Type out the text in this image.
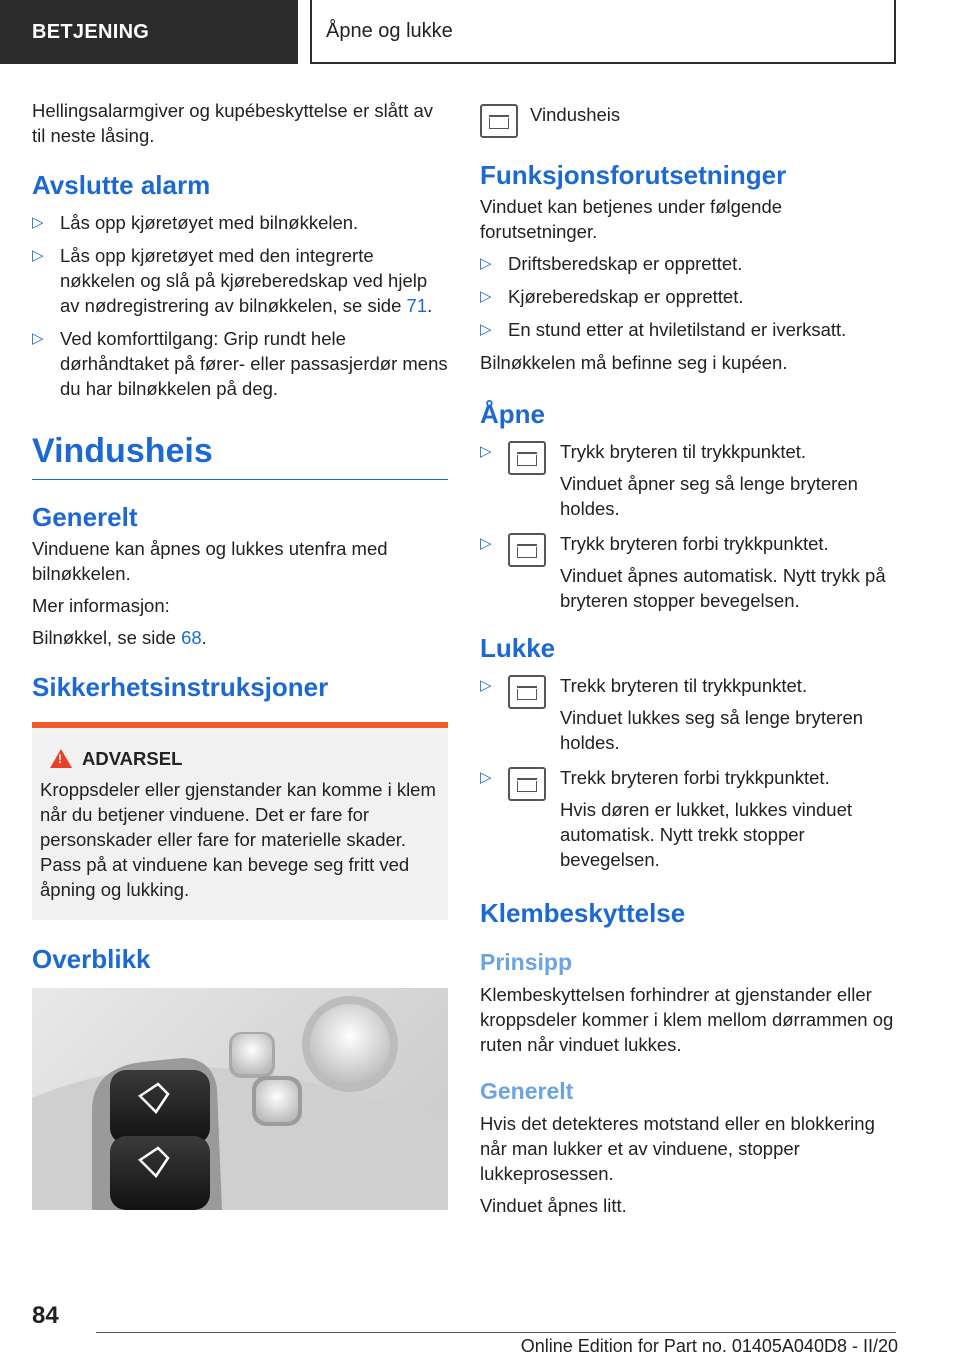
BETJENING	Åpne og lukke

Hellingsalarmgiver og kupébeskyttelse er slått av til neste låsing.

Avslutte alarm
▷ Lås opp kjøretøyet med bilnøkkelen.
▷ Lås opp kjøretøyet med den integrerte nøkkelen og slå på kjøreberedskap ved hjelp av nødregistrering av bilnøkkelen, se side 71.
▷ Ved komforttilgang: Grip rundt hele dørhåndtaket på fører- eller passasjerdør mens du har bilnøkkelen på deg.
Vindusheis
Generelt

Vinduene kan åpnes og lukkes utenfra med bilnøkkelen.

Mer informasjon:

Bilnøkkel, se side 68.

Sikkerhetsinstruksjoner
!
ADVARSEL

Kroppsdeler eller gjenstander kan komme i klem når du betjener vinduene. Det er fare for personskader eller fare for materielle skader. Pass på at vinduene kan bevege seg fritt ved åpning og lukking.

Overblikk
Vindusheis
Funksjonsforutsetninger

Vinduet kan betjenes under følgende forutsetninger.

▷ Driftsberedskap er opprettet.
▷ Kjøreberedskap er opprettet.
▷ En stund etter at hviletilstand er iverksatt.

Bilnøkkelen må befinne seg i kupéen.

Åpne
▷	Trykk bryteren til trykkpunktet.
Vinduet åpner seg så lenge bryteren holdes.
▷	Trykk bryteren forbi trykkpunktet.
Vinduet åpnes automatisk. Nytt trykk på bryteren stopper bevegelsen.
Lukke
▷	Trekk bryteren til trykkpunktet.
Vinduet lukkes seg så lenge bryteren holdes.
▷	Trekk bryteren forbi trykkpunktet.
Hvis døren er lukket, lukkes vinduet automatisk. Nytt trekk stopper bevegelsen.
Klembeskyttelse
Prinsipp

Klembeskyttelsen forhindrer at gjenstander eller kroppsdeler kommer i klem mellom dørrammen og ruten når vinduet lukkes.

Generelt

Hvis det detekteres motstand eller en blokkering når man lukker et av vinduene, stopper lukkeprosessen.

Vinduet åpnes litt.

84
Online Edition for Part no. 01405A040D8 - II/20
